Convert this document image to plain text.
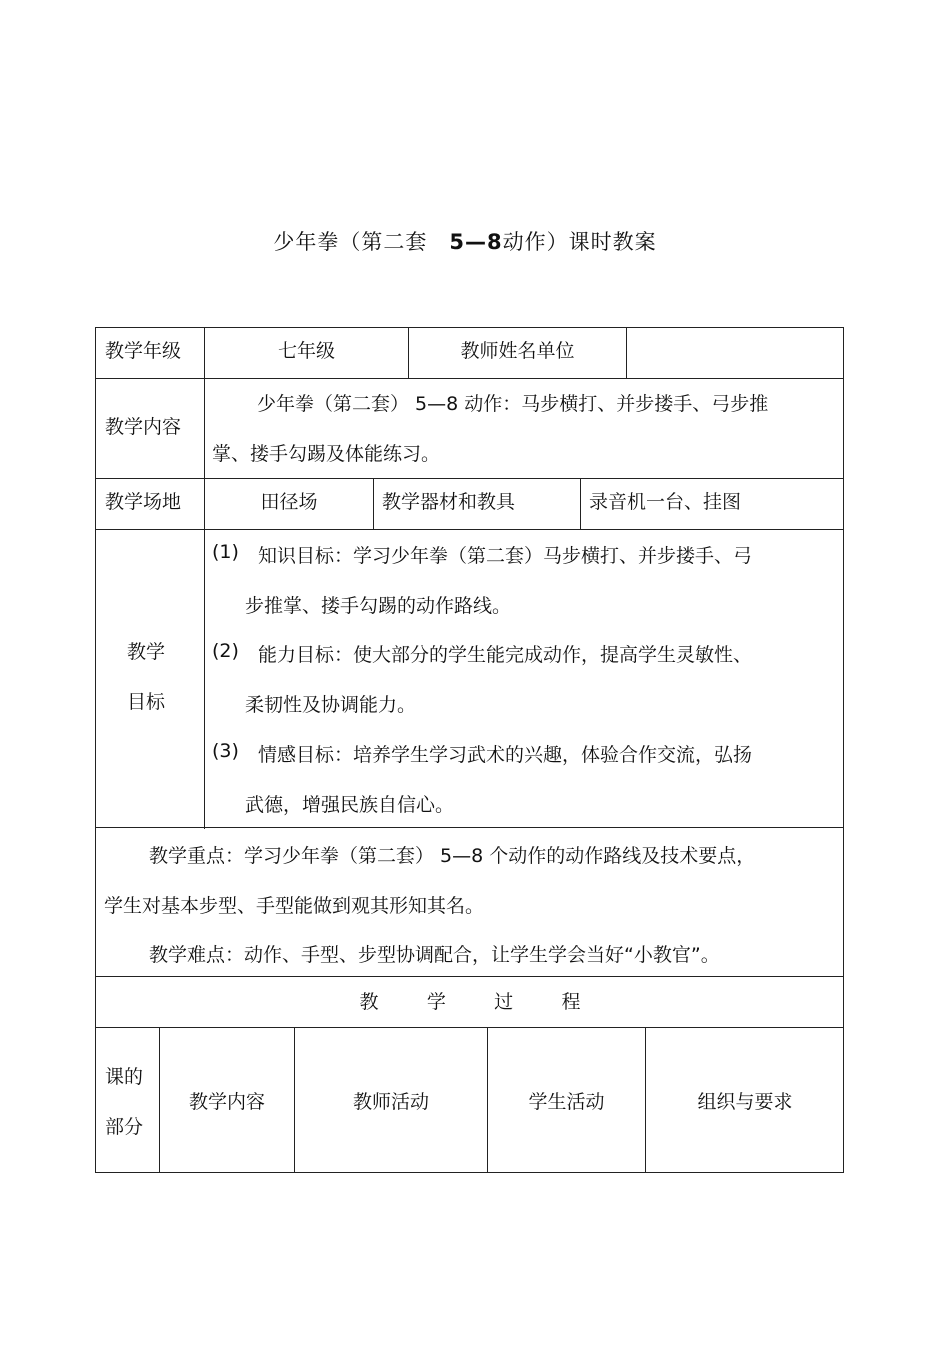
少年拳（第二套 5—8动作）课时教案
教学年级	七年级	教师姓名单位
教学内容
少年拳（第二套） 5—8 动作：马步横打、并步搂手、弓步推
掌、搂手勾踢及体能练习。
教学场地	田径场	教学器材和教具	录音机一台、挂图
教学
目标
(1) 知识目标：学习少年拳（第二套）马步横打、并步搂手、弓
步推掌、搂手勾踢的动作路线。
(2) 能力目标：使大部分的学生能完成动作，提高学生灵敏性、
柔韧性及协调能力。
(3) 情感目标：培养学生学习武术的兴趣，体验合作交流，弘扬
武德，增强民族自信心。
教学重点：学习少年拳（第二套） 5—8 个动作的动作路线及技术要点，
学生对基本步型、手型能做到观其形知其名。
教学难点：动作、手型、步型协调配合，让学生学会当好“小教官”。
教        学        过        程
课的
部分
教学内容	教师活动	学生活动	组织与要求
